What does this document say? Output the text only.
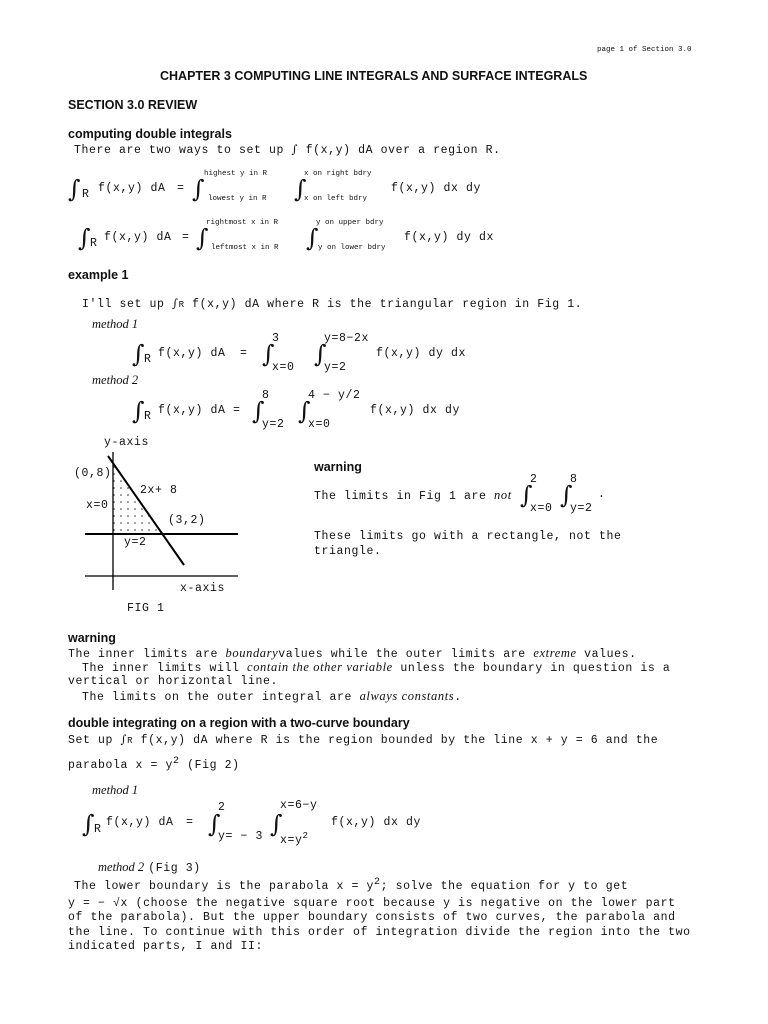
page 1 of Section 3.0
CHAPTER 3 COMPUTING LINE INTEGRALS AND SURFACE INTEGRALS
SECTION 3.0 REVIEW
computing double integrals
There are two ways to set up ∫ f(x,y) dA over a region R.
∫ R f(x,y) dA = ∫
highest y in R
lowest y in R ∫
x on right bdry
x on left bdry
f(x,y) dx dy
∫ R f(x,y) dA = ∫
rightmost x in R
leftmost x in R ∫
y on upper bdry
y on lower bdry
f(x,y) dy dx
example 1
I'll set up ∫R f(x,y) dA where R is the triangular region in Fig 1.
method 1
∫ R f(x,y) dA = ∫
3
x=0 ∫
y=8−2x
y=2
f(x,y) dy dx
method 2
∫ R f(x,y) dA = ∫
8
y=2 ∫
4 − y/2
x=0
f(x,y) dx dy
y-axis
(0,8)
2x+ 8
x=0
(3,2)
y=2
x-axis
FIG 1
warning
The limits in Fig 1 are not ∫
2
x=0 ∫
8
y=2
.
These limits go with a rectangle, not the
triangle.
warning
The inner limits are boundaryvalues while the outer limits are extreme values.
The inner limits will contain the other variable unless the boundary in question is a
vertical or horizontal line.
The limits on the outer integral are always constants.
double integrating on a region with a two-curve boundary
Set up ∫R f(x,y) dA where R is the region bounded by the line x + y = 6 and the
parabola $x = y^2$ (Fig 2)
method 1
∫ R
f(x,y) dA = ∫
2
y= − 3 ∫
x=6−y
$x=y^2$
f(x,y) dx dy
method 2 (Fig 3)
The lower boundary is the parabola $x = y^2$; solve the equation for y to get
y = − √x (choose the negative square root because y is negative on the lower part
of the parabola). But the upper boundary consists of two curves, the parabola and
the line. To continue with this order of integration divide the region into the two
indicated parts, I and II:
